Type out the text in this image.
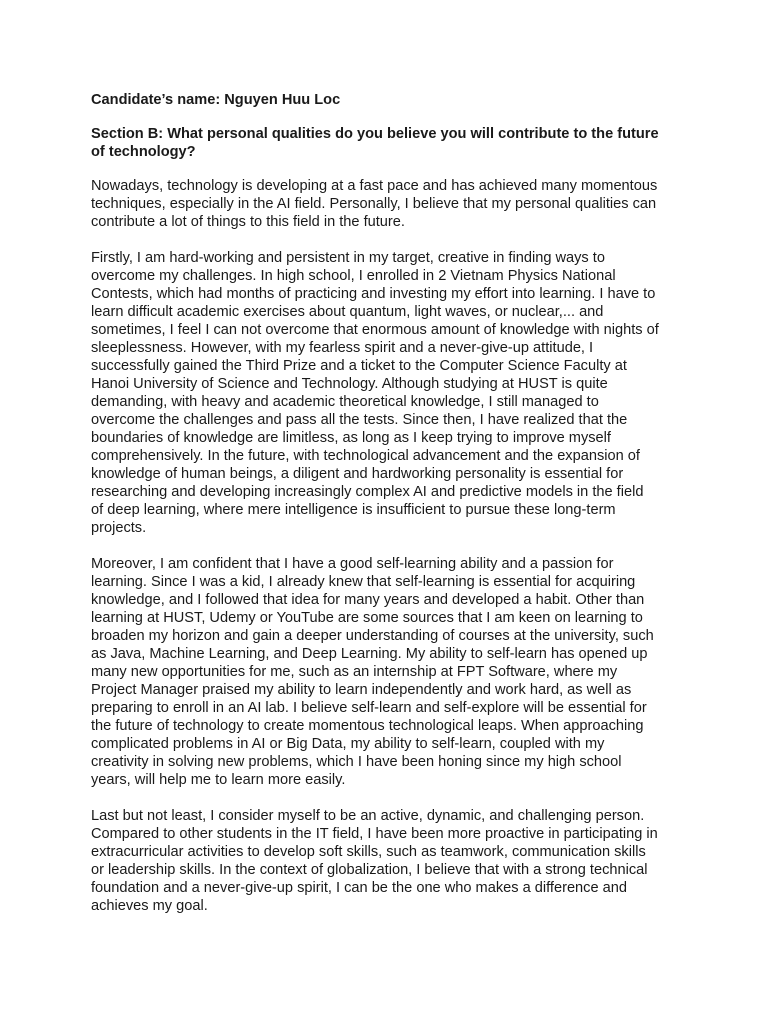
Candidate’s name: Nguyen Huu Loc

Section B: What personal qualities do you believe you will contribute to the future
of technology?

Nowadays, technology is developing at a fast pace and has achieved many momentous
techniques, especially in the AI field. Personally, I believe that my personal qualities can
contribute a lot of things to this field in the future.

Firstly, I am hard-working and persistent in my target, creative in finding ways to
overcome my challenges. In high school, I enrolled in 2 Vietnam Physics National
Contests, which had months of practicing and investing my effort into learning. I have to
learn difficult academic exercises about quantum, light waves, or nuclear,... and
sometimes, I feel I can not overcome that enormous amount of knowledge with nights of
sleeplessness. However, with my fearless spirit and a never-give-up attitude, I
successfully gained the Third Prize and a ticket to the Computer Science Faculty at
Hanoi University of Science and Technology. Although studying at HUST is quite
demanding, with heavy and academic theoretical knowledge, I still managed to
overcome the challenges and pass all the tests. Since then, I have realized that the
boundaries of knowledge are limitless, as long as I keep trying to improve myself
comprehensively. In the future, with technological advancement and the expansion of
knowledge of human beings, a diligent and hardworking personality is essential for
researching and developing increasingly complex AI and predictive models in the field
of deep learning, where mere intelligence is insufficient to pursue these long-term
projects.

Moreover, I am confident that I have a good self-learning ability and a passion for
learning. Since I was a kid, I already knew that self-learning is essential for acquiring
knowledge, and I followed that idea for many years and developed a habit. Other than
learning at HUST, Udemy or YouTube are some sources that I am keen on learning to
broaden my horizon and gain a deeper understanding of courses at the university, such
as Java, Machine Learning, and Deep Learning. My ability to self-learn has opened up
many new opportunities for me, such as an internship at FPT Software, where my
Project Manager praised my ability to learn independently and work hard, as well as
preparing to enroll in an AI lab. I believe self-learn and self-explore will be essential for
the future of technology to create momentous technological leaps. When approaching
complicated problems in AI or Big Data, my ability to self-learn, coupled with my
creativity in solving new problems, which I have been honing since my high school
years, will help me to learn more easily.

Last but not least, I consider myself to be an active, dynamic, and challenging person.
Compared to other students in the IT field, I have been more proactive in participating in
extracurricular activities to develop soft skills, such as teamwork, communication skills
or leadership skills. In the context of globalization, I believe that with a strong technical
foundation and a never-give-up spirit, I can be the one who makes a difference and
achieves my goal.
